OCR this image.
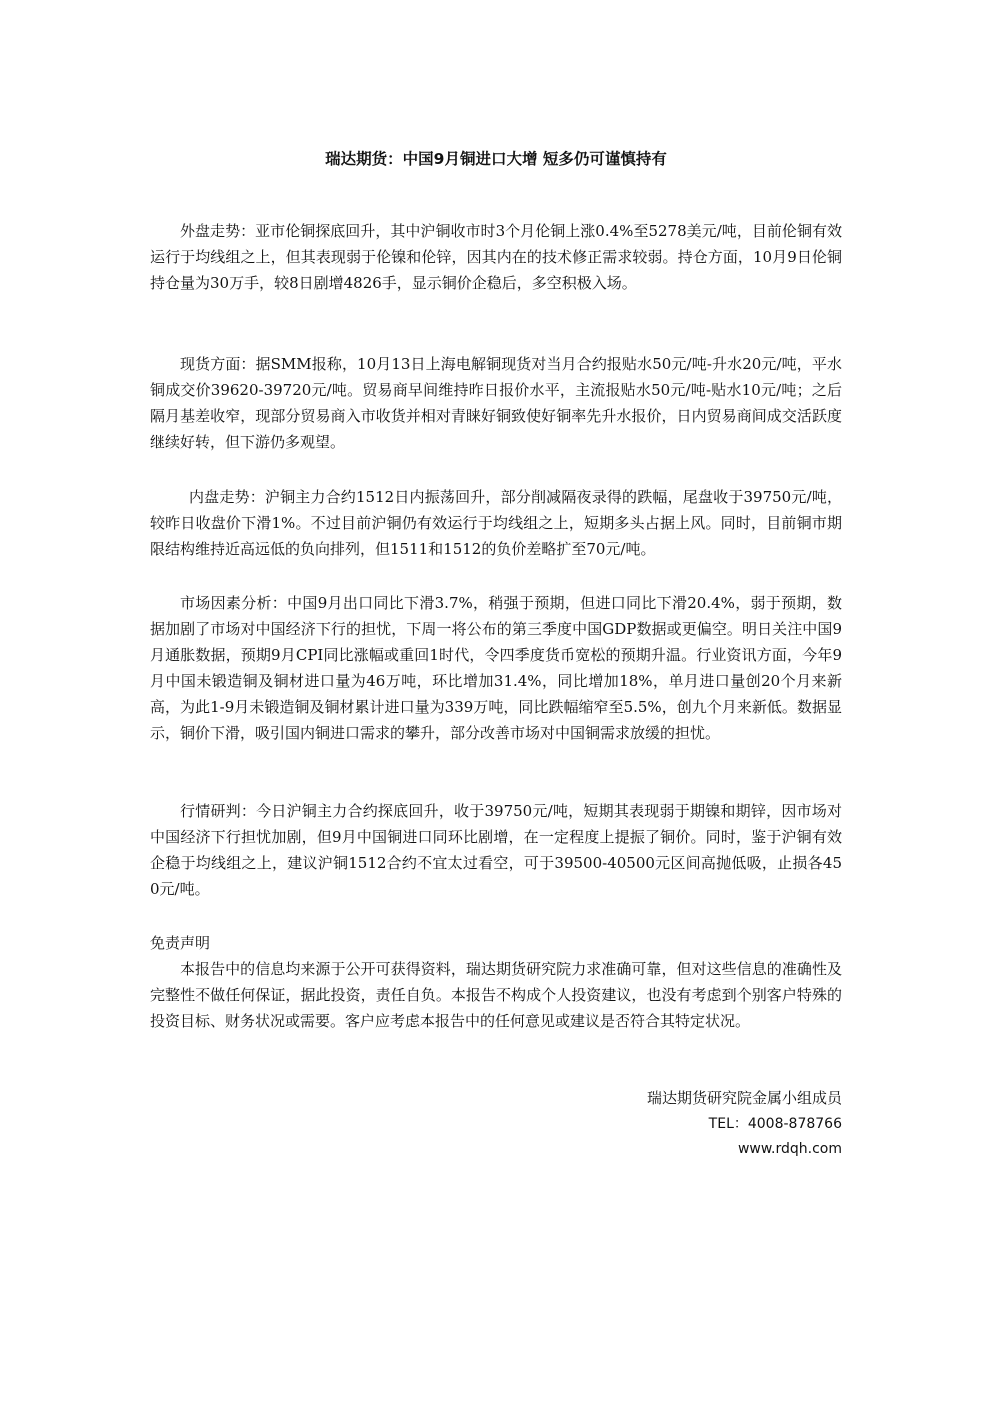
瑞达期货：中国9月铜进口大增 短多仍可谨慎持有

外盘走势：亚市伦铜探底回升，其中沪铜收市时3个月伦铜上涨0.4%至5278美元/吨，目前伦铜有效运行于均线组之上，但其表现弱于伦镍和伦锌，因其内在的技术修正需求较弱。持仓方面，10月9日伦铜持仓量为30万手，较8日剧增4826手，显示铜价企稳后，多空积极入场。

现货方面：据SMM报称，10月13日上海电解铜现货对当月合约报贴水50元/吨-升水20元/吨，平水铜成交价39620-39720元/吨。贸易商早间维持昨日报价水平，主流报贴水50元/吨-贴水10元/吨；之后隔月基差收窄，现部分贸易商入市收货并相对青睐好铜致使好铜率先升水报价，日内贸易商间成交活跃度继续好转，但下游仍多观望。

内盘走势：沪铜主力合约1512日内振荡回升，部分削减隔夜录得的跌幅，尾盘收于39750元/吨，较昨日收盘价下滑1%。不过目前沪铜仍有效运行于均线组之上，短期多头占据上风。同时，目前铜市期限结构维持近高远低的负向排列，但1511和1512的负价差略扩至70元/吨。

市场因素分析：中国9月出口同比下滑3.7%，稍强于预期，但进口同比下滑20.4%，弱于预期，数据加剧了市场对中国经济下行的担忧，下周一将公布的第三季度中国GDP数据或更偏空。明日关注中国9月通胀数据，预期9月CPI同比涨幅或重回1时代，令四季度货币宽松的预期升温。行业资讯方面，今年9月中国未锻造铜及铜材进口量为46万吨，环比增加31.4%，同比增加18%，单月进口量创20个月来新高，为此1-9月未锻造铜及铜材累计进口量为339万吨，同比跌幅缩窄至5.5%，创九个月来新低。数据显示，铜价下滑，吸引国内铜进口需求的攀升，部分改善市场对中国铜需求放缓的担忧。

行情研判：今日沪铜主力合约探底回升，收于39750元/吨，短期其表现弱于期镍和期锌，因市场对中国经济下行担忧加剧，但9月中国铜进口同环比剧增，在一定程度上提振了铜价。同时，鉴于沪铜有效企稳于均线组之上，建议沪铜1512合约不宜太过看空，可于39500-40500元区间高抛低吸，止损各450元/吨。

免责声明

本报告中的信息均来源于公开可获得资料，瑞达期货研究院力求准确可靠，但对这些信息的准确性及完整性不做任何保证，据此投资，责任自负。本报告不构成个人投资建议，也没有考虑到个别客户特殊的投资目标、财务状况或需要。客户应考虑本报告中的任何意见或建议是否符合其特定状况。

瑞达期货研究院金属小组成员

TEL：4008-878766

www.rdqh.com
